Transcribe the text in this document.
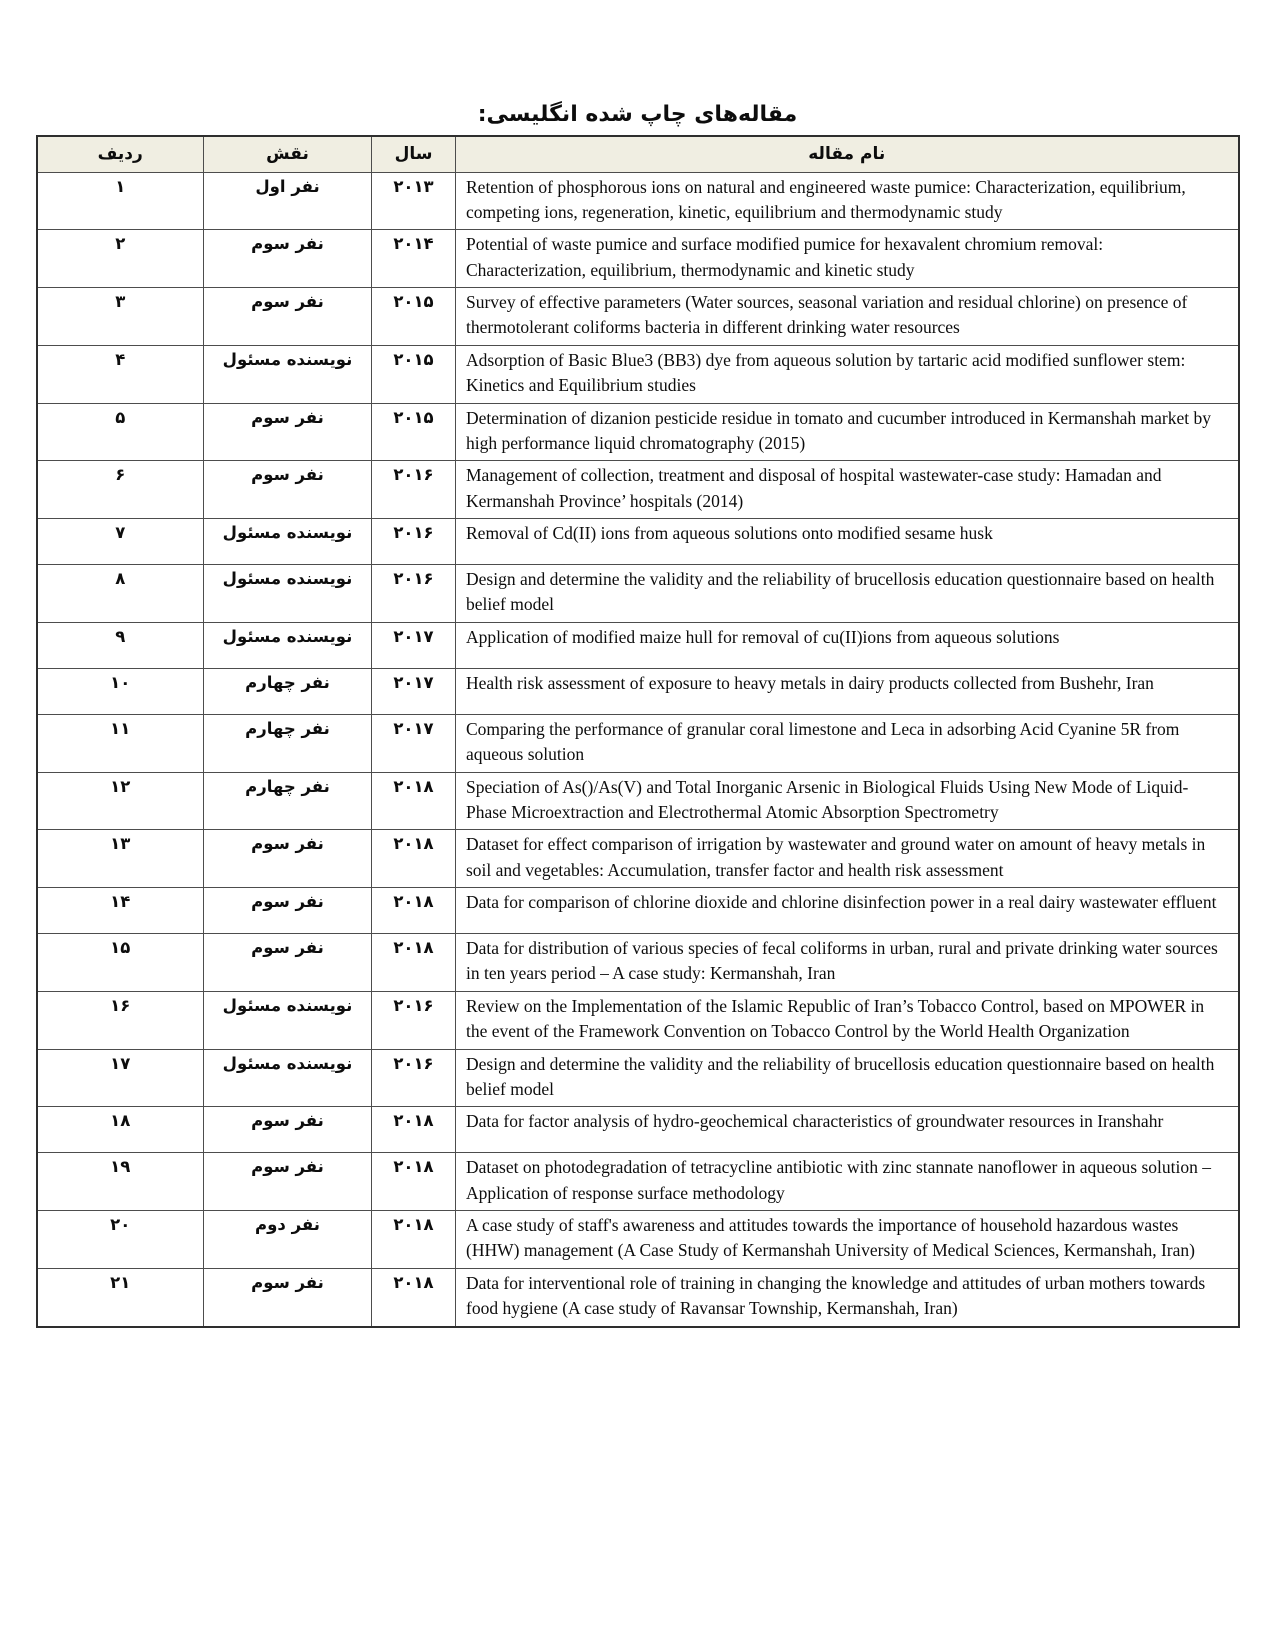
مقاله‌های چاپ شده انگلیسی:
ردیف	نقش	سال	نام مقاله
۱	نفر اول	۲۰۱۳	Retention of phosphorous ions on natural and engineered waste pumice: Characterization, equilibrium, competing ions, regeneration, kinetic, equilibrium and thermodynamic study
۲	نفر سوم	۲۰۱۴	Potential of waste pumice and surface modified pumice for hexavalent chromium removal: Characterization, equilibrium, thermodynamic and kinetic study
۳	نفر سوم	۲۰۱۵	Survey of effective parameters (Water sources, seasonal variation and residual chlorine) on presence of thermotolerant coliforms bacteria in different drinking water resources
۴	نویسنده مسئول	۲۰۱۵	Adsorption of Basic Blue3 (BB3) dye from aqueous solution by tartaric acid modified sunflower stem: Kinetics and Equilibrium studies
۵	نفر سوم	۲۰۱۵	Determination of dizanion pesticide residue in tomato and cucumber introduced in Kermanshah market by high performance liquid chromatography (2015)
۶	نفر سوم	۲۰۱۶	Management of collection, treatment and disposal of hospital wastewater-case study: Hamadan and Kermanshah Province’ hospitals (2014)
۷	نویسنده مسئول	۲۰۱۶	Removal of Cd(II) ions from aqueous solutions onto modified sesame husk
۸	نویسنده مسئول	۲۰۱۶	Design and determine the validity and the reliability of brucellosis education questionnaire based on health belief model
۹	نویسنده مسئول	۲۰۱۷	Application of modified maize hull for removal of cu(II)ions from aqueous solutions
۱۰	نفر چهارم	۲۰۱۷	Health risk assessment of exposure to heavy metals in dairy products collected from Bushehr, Iran
۱۱	نفر چهارم	۲۰۱۷	Comparing the performance of granular coral limestone and Leca in adsorbing Acid Cyanine 5R from aqueous solution
۱۲	نفر چهارم	۲۰۱۸	Speciation of As()/As(V) and Total Inorganic Arsenic in Biological Fluids Using New Mode of Liquid-Phase Microextraction and Electrothermal Atomic Absorption Spectrometry
۱۳	نفر سوم	۲۰۱۸	Dataset for effect comparison of irrigation by wastewater and ground water on amount of heavy metals in soil and vegetables: Accumulation, transfer factor and health risk assessment
۱۴	نفر سوم	۲۰۱۸	Data for comparison of chlorine dioxide and chlorine disinfection power in a real dairy wastewater effluent
۱۵	نفر سوم	۲۰۱۸	Data for distribution of various species of fecal coliforms in urban, rural and private drinking water sources in ten years period – A case study: Kermanshah, Iran
۱۶	نویسنده مسئول	۲۰۱۶	Review on the Implementation of the Islamic Republic of Iran’s Tobacco Control, based on MPOWER in the event of the Framework Convention on Tobacco Control by the World Health Organization
۱۷	نویسنده مسئول	۲۰۱۶	Design and determine the validity and the reliability of brucellosis education questionnaire based on health belief model
۱۸	نفر سوم	۲۰۱۸	Data for factor analysis of hydro-geochemical characteristics of groundwater resources in Iranshahr
۱۹	نفر سوم	۲۰۱۸	Dataset on photodegradation of tetracycline antibiotic with zinc stannate nanoflower in aqueous solution – Application of response surface methodology
۲۰	نفر دوم	۲۰۱۸	A case study of staff's awareness and attitudes towards the importance of household hazardous wastes (HHW) management (A Case Study of Kermanshah University of Medical Sciences, Kermanshah, Iran)
۲۱	نفر سوم	۲۰۱۸	Data for interventional role of training in changing the knowledge and attitudes of urban mothers towards food hygiene (A case study of Ravansar Township, Kermanshah, Iran)
